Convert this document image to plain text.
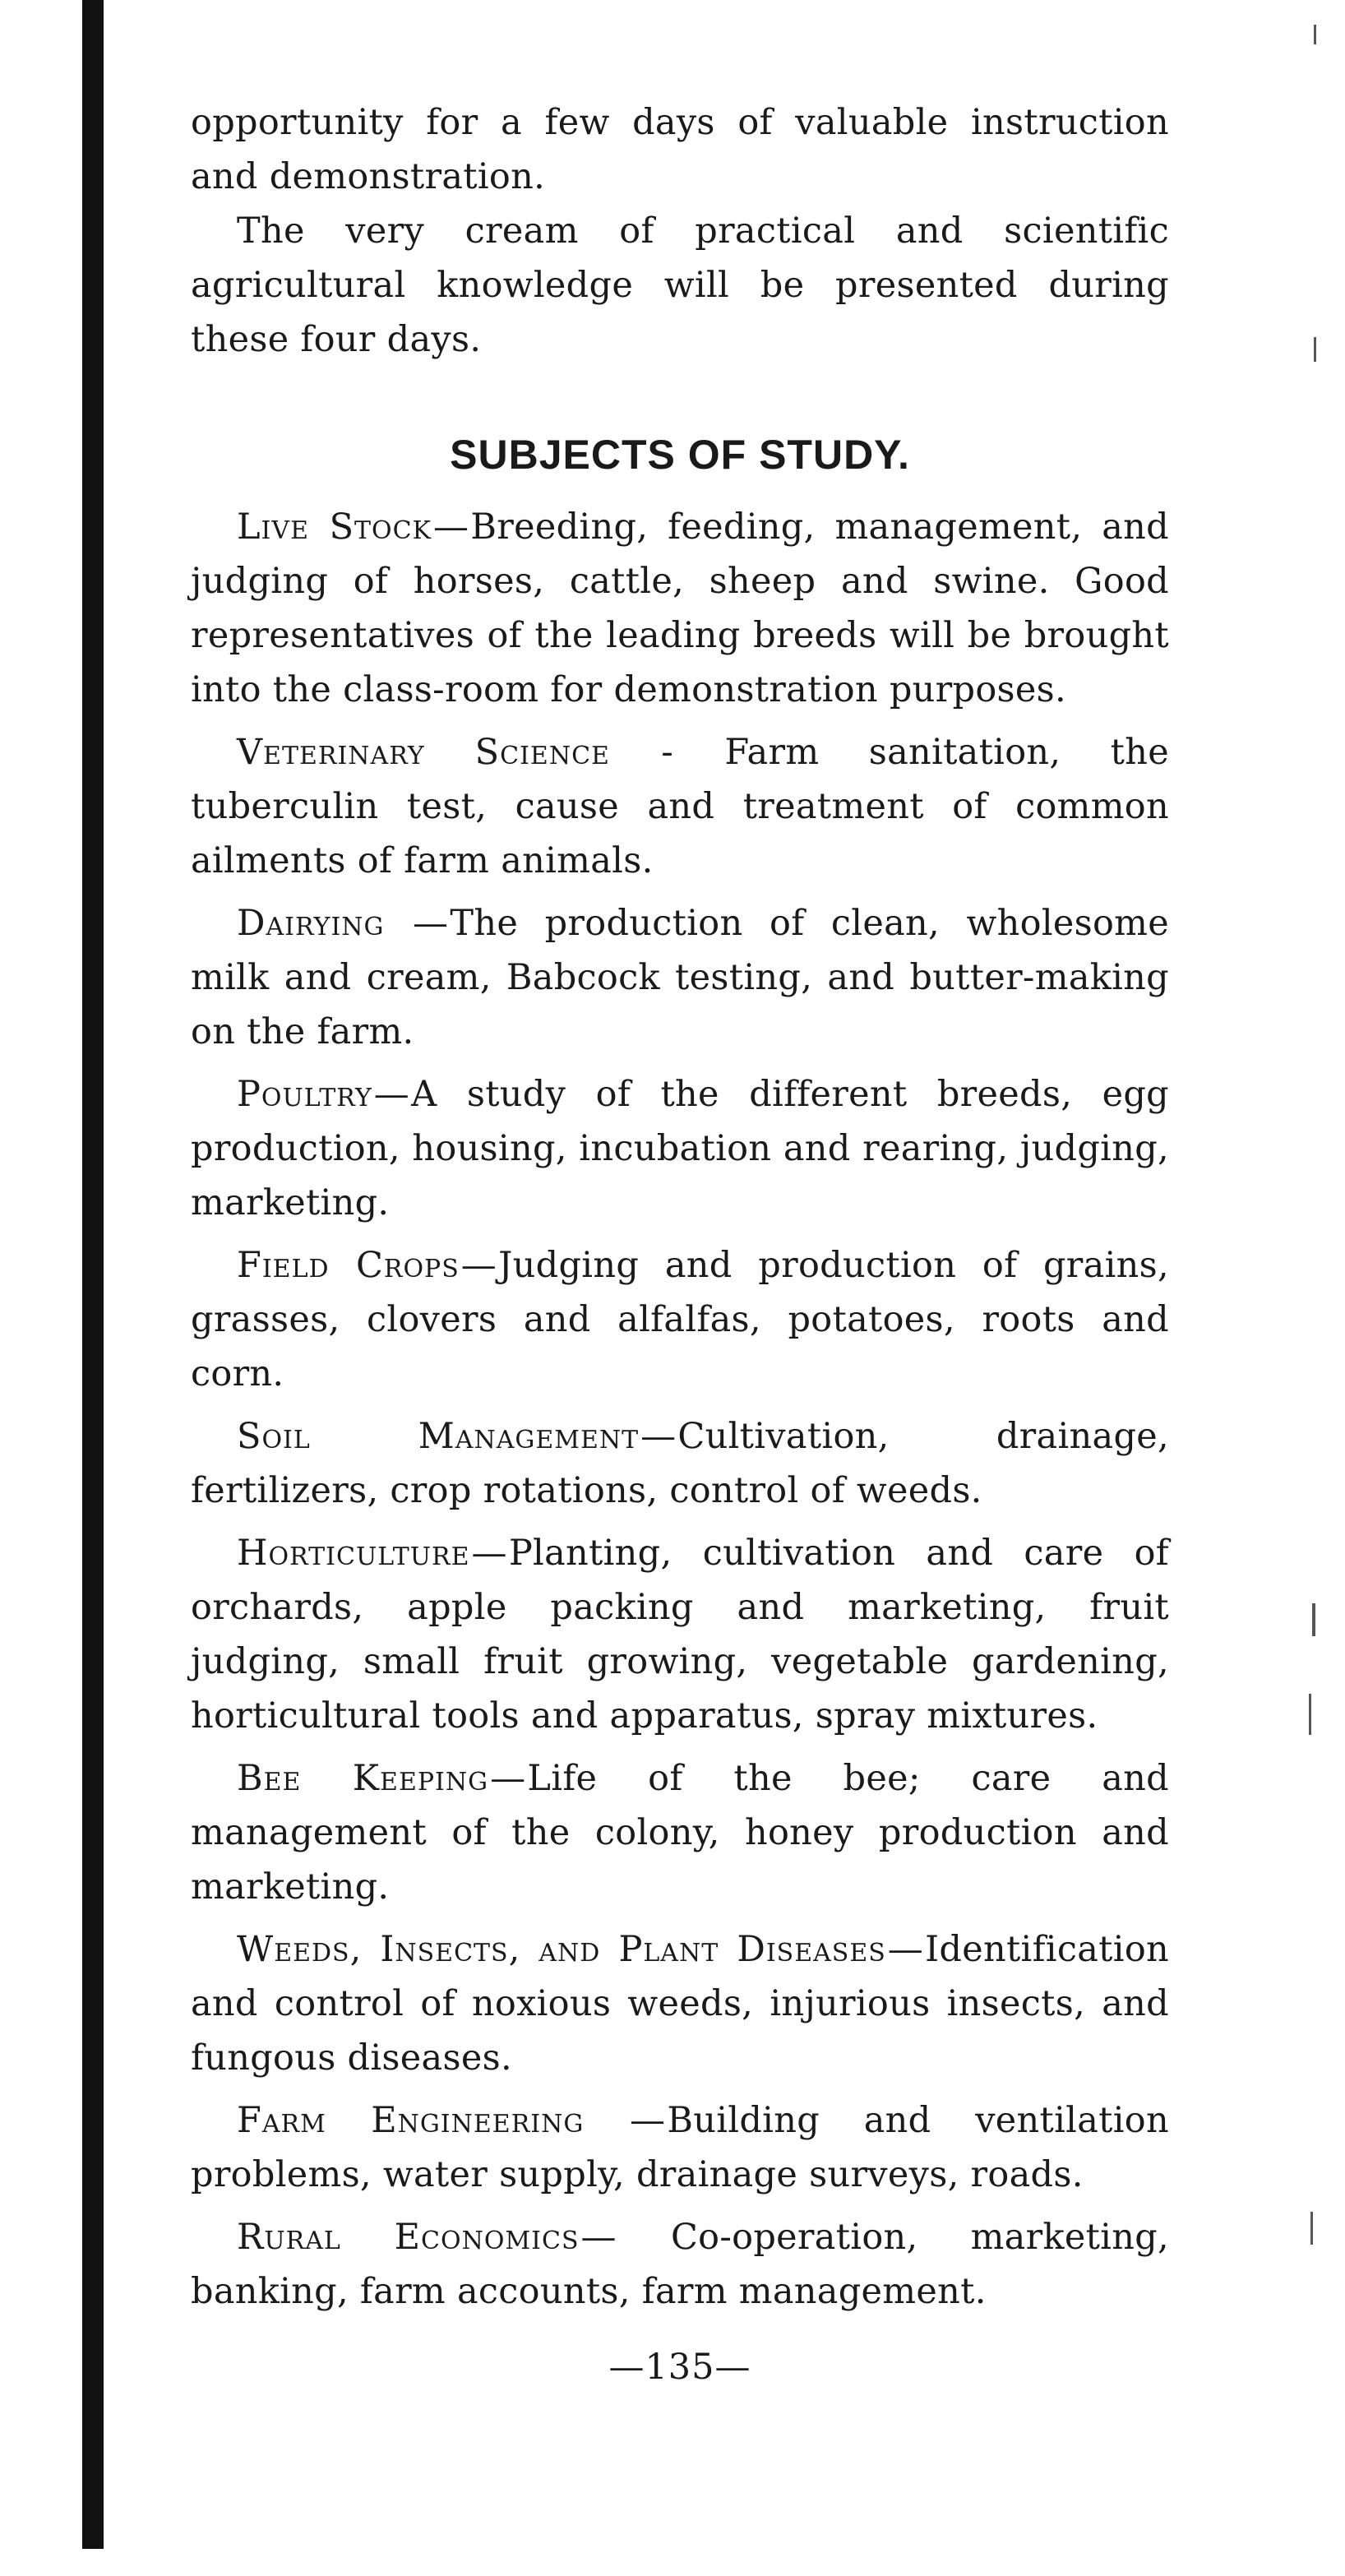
opportunity for a few days of valuable instruction and demonstration.

The very cream of practical and scientific agricultural knowledge will be presented during these four days.

SUBJECTS OF STUDY.

Live Stock—Breeding, feeding, management, and judging of horses, cattle, sheep and swine. Good representatives of the leading breeds will be brought into the class-room for demonstration purposes.

Veterinary Science - Farm sanitation, the tuberculin test, cause and treatment of common ailments of farm animals.

Dairying —The production of clean, wholesome milk and cream, Babcock testing, and butter-making on the farm.

Poultry—A study of the different breeds, egg production, housing, incubation and rearing, judging, marketing.

Field Crops—Judging and production of grains, grasses, clovers and alfalfas, potatoes, roots and corn.

Soil Management—Cultivation, drainage, fertilizers, crop rotations, control of weeds.

Horticulture—Planting, cultivation and care of orchards, apple packing and marketing, fruit judging, small fruit growing, vegetable gardening, horticultural tools and apparatus, spray mixtures.

Bee Keeping—Life of the bee; care and management of the colony, honey production and marketing.

Weeds, Insects, and Plant Diseases—Identification and control of noxious weeds, injurious insects, and fungous diseases.

Farm Engineering —Building and ventilation problems, water supply, drainage surveys, roads.

Rural Economics— Co-operation, marketing, banking, farm accounts, farm management.

—135—
